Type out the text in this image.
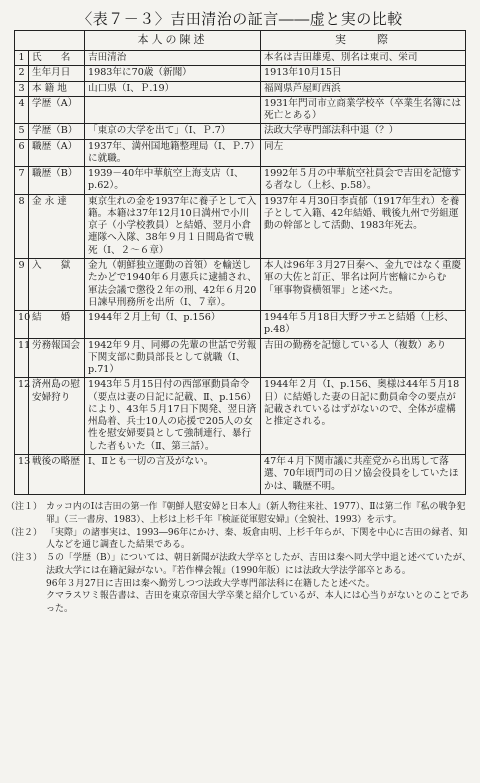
〈表７－３〉吉田清治の証言――虚と実の比較
		本人の陳述	実　　際
1	氏　　名	吉田清治	本名は吉田雄兎、別名は東司、栄司
2	生年月日	1983年に70歳（新聞）	1913年10月15日
3	本 籍 地	山口県（Ⅰ、Ｐ.19）	福岡県芦屋町西浜
4	学歴（A）		1931年門司市立商業学校卒（卒業生名簿には死亡とある）
5	学歴（B）	「東京の大学を出て」（Ⅰ、Ｐ.7）	法政大学専門部法科中退（？）
6	職歴（A）	1937年、満州国地籍整理局（Ⅰ、Ｐ.7）に就職。	同左
7	職歴（B）	1939－40年中華航空上海支店（Ⅰ、p.62）。	1992年５月の中華航空社員会で吉田を記憶する者なし（上杉、p.58）。
8	金 永 達	東京生れの金を1937年に養子として入籍。本籍は37年12月10日満州で小川京子（小学校教員）と結婚、翌月小倉連隊へ入隊、38年９月１日間島省で戦死（Ⅰ、２～６章）	1937年４月30日李貞郁（1917年生れ）を養子として入籍、42年結婚、戦後九州で労組運動の幹部として活動、1983年死去。
9	入　　獄	金九（朝鮮独立運動の首領）を輸送したかどで1940年６月憲兵に逮捕され、軍法会議で懲役２年の刑、42年６月20日諫早刑務所を出所（Ⅰ、７章）。	本人は96年３月27日秦へ、金九ではなく重慶軍の大佐と訂正、罪名は阿片密輸にからむ「軍事物資横領罪」と述べた。
10	結　　婚	1944年２月上旬（Ⅰ、p.156）	1944年５月18日大野フサエと結婚（上杉、p.48）
11	労務報国会	1942年９月、同郷の先輩の世話で労報下関支部に動員部長として就職（Ⅰ、p.71）	吉田の勤務を記憶している人（複数）あり
12	済州島の慰安婦狩り	1943年５月15日付の西部軍動員命令（要点は妻の日記に記載、Ⅱ、p.156）により、43年５月17日下関発、翌日済州島着、兵士10人の応援で205人の女性を慰安婦要員として強制連行、暴行した者もいた（Ⅱ、第三話）。	1944年２月（Ⅰ、p.156、奥様は44年５月18日）に結婚した妻の日記に動員命令の要点が記載されているはずがないので、全体が虚構と推定される。
13	戦後の略歴	Ⅰ、Ⅱとも一切の言及がない。	47年４月下関市議に共産党から出馬して落選、70年頃門司の日ソ協会役員をしていたほかは、職歴不明。
（注１） カッコ内のⅠは吉田の第一作『朝鮮人慰安婦と日本人』（新人物往来社、1977）、Ⅱは第二作『私の戦争犯罪』（三一書房、1983）、上杉は上杉千年『検証従軍慰安婦』（全貌社、1993）を示す。

（注２） 「実際」の諸事実は、1993―96年にかけ、秦、坂倉由明、上杉千年らが、下関を中心に吉田の縁者、知人などを通じ調査した結果である。

（注３） ５の「学歴（B）」については、朝日新聞が法政大学卒としたが、吉田は秦へ同大学中退と述べていたが、法政大学には在籍記録がない。『若作樺会報』（1990年版）には法政大学法学部卒とある。

96年３月27日に吉田は秦へ勤労しつつ法政大学専門部法科に在籍したと述べた。

クマラスワミ報告書は、吉田を東京帝国大学卒業と紹介しているが、本人には心当りがないとのことであった。
